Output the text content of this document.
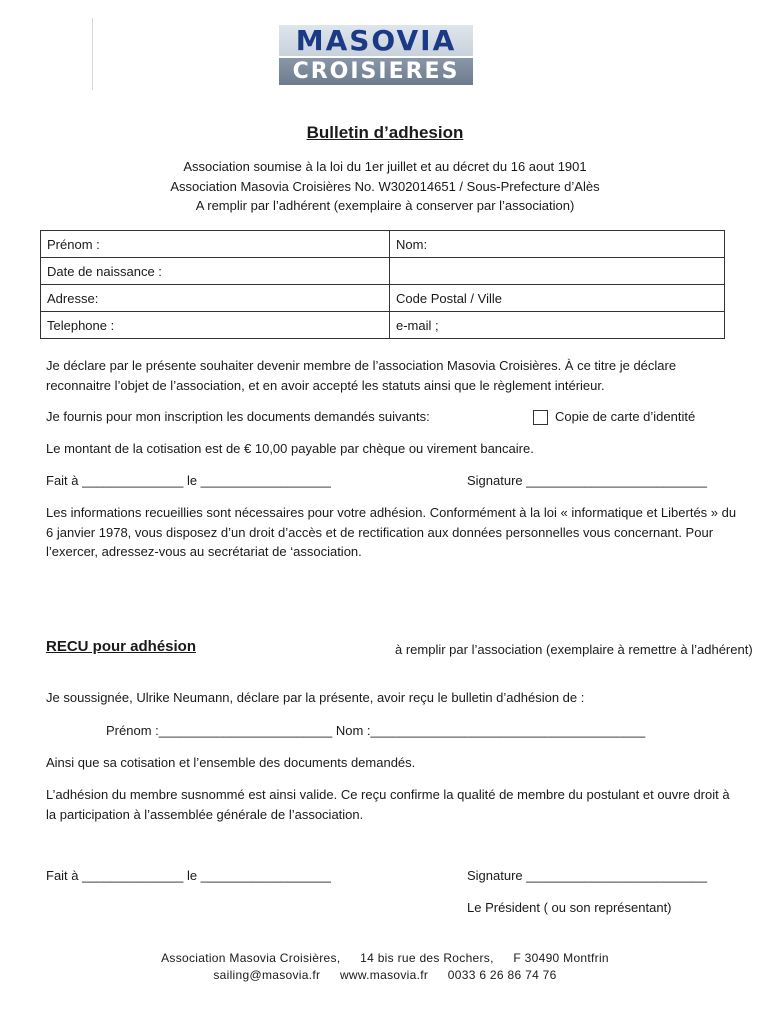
MASOVIA
CROISIERES
Bulletin d’adhesion
Association soumise à la loi du 1er juillet et au décret du 16 aout 1901
Association Masovia Croisières No. W302014651 / Sous-Prefecture d’Alès
A remplir par l’adhérent (exemplaire à conserver par l’association)
Prénom :	Nom:
Date de naissance :	
Adresse:	Code Postal / Ville
Telephone :	e-mail ;
Je déclare par le présente souhaiter devenir membre de l’association Masovia Croisières. À ce titre je déclare
reconnaitre l’objet de l’association, et en avoir accepté les statuts ainsi que le règlement intérieur.
Je fournis pour mon inscription les documents demandés suivants:	Copie de carte d’identité
Le montant de la cotisation est de € 10,00 payable par chèque ou virement bancaire.
Fait à ______________ le __________________	Signature _________________________
Les informations recueillies sont nécessaires pour votre adhésion. Conformément à la loi « informatique et Libertés » du
6 janvier 1978, vous disposez d’un droit d’accès et de rectification aux données personnelles vous concernant. Pour
l’exercer, adressez-vous au secrétariat de ‘association.
RECU pour adhésion	à remplir par l’association (exemplaire à remettre à l’adhérent)
Je soussignée, Ulrike Neumann, déclare par la présente, avoir reçu le bulletin d’adhésion de :
Prénom :________________________ Nom :______________________________________
Ainsi que sa cotisation et l’ensemble des documents demandés.
L’adhésion du membre susnommé est ainsi valide. Ce reçu confirme la qualité de membre du postulant et ouvre droit à
la participation à l’assemblée générale de l’association.
Fait à ______________ le __________________	Signature _________________________
Le Président ( ou son représentant)
Association Masovia Croisières, 14 bis rue des Rochers, F 30490 Montfrin
sailing@masovia.fr www.masovia.fr 0033 6 26 86 74 76
